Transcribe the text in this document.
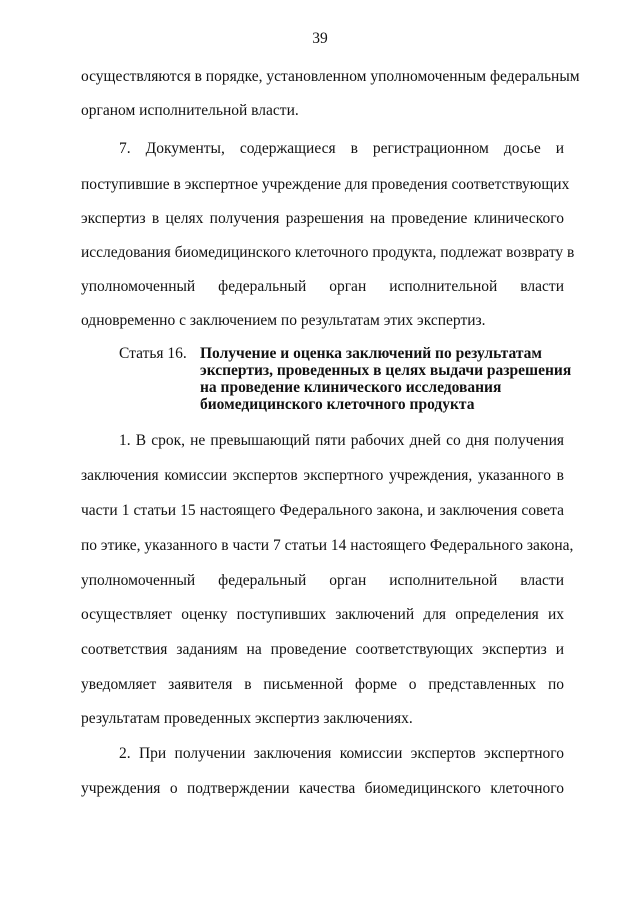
39
осуществляются в порядке, установленном уполномоченным федеральным
органом исполнительной власти.
7. Документы, содержащиеся в регистрационном досье и
поступившие в экспертное учреждение для проведения соответствующих
экспертиз в целях получения разрешения на проведение клинического
исследования биомедицинского клеточного продукта, подлежат возврату в
уполномоченный федеральный орган исполнительной власти
одновременно с заключением по результатам этих экспертиз.
Статья 16. Получение и оценка заключений по результатам
экспертиз, проведенных в целях выдачи разрешения
на проведение клинического исследования
биомедицинского клеточного продукта
1. В срок, не превышающий пяти рабочих дней со дня получения
заключения комиссии экспертов экспертного учреждения, указанного в
части 1 статьи 15 настоящего Федерального закона, и заключения совета
по этике, указанного в части 7 статьи 14 настоящего Федерального закона,
уполномоченный федеральный орган исполнительной власти
осуществляет оценку поступивших заключений для определения их
соответствия заданиям на проведение соответствующих экспертиз и
уведомляет заявителя в письменной форме о представленных по
результатам проведенных экспертиз заключениях.
2. При получении заключения комиссии экспертов экспертного
учреждения о подтверждении качества биомедицинского клеточного
